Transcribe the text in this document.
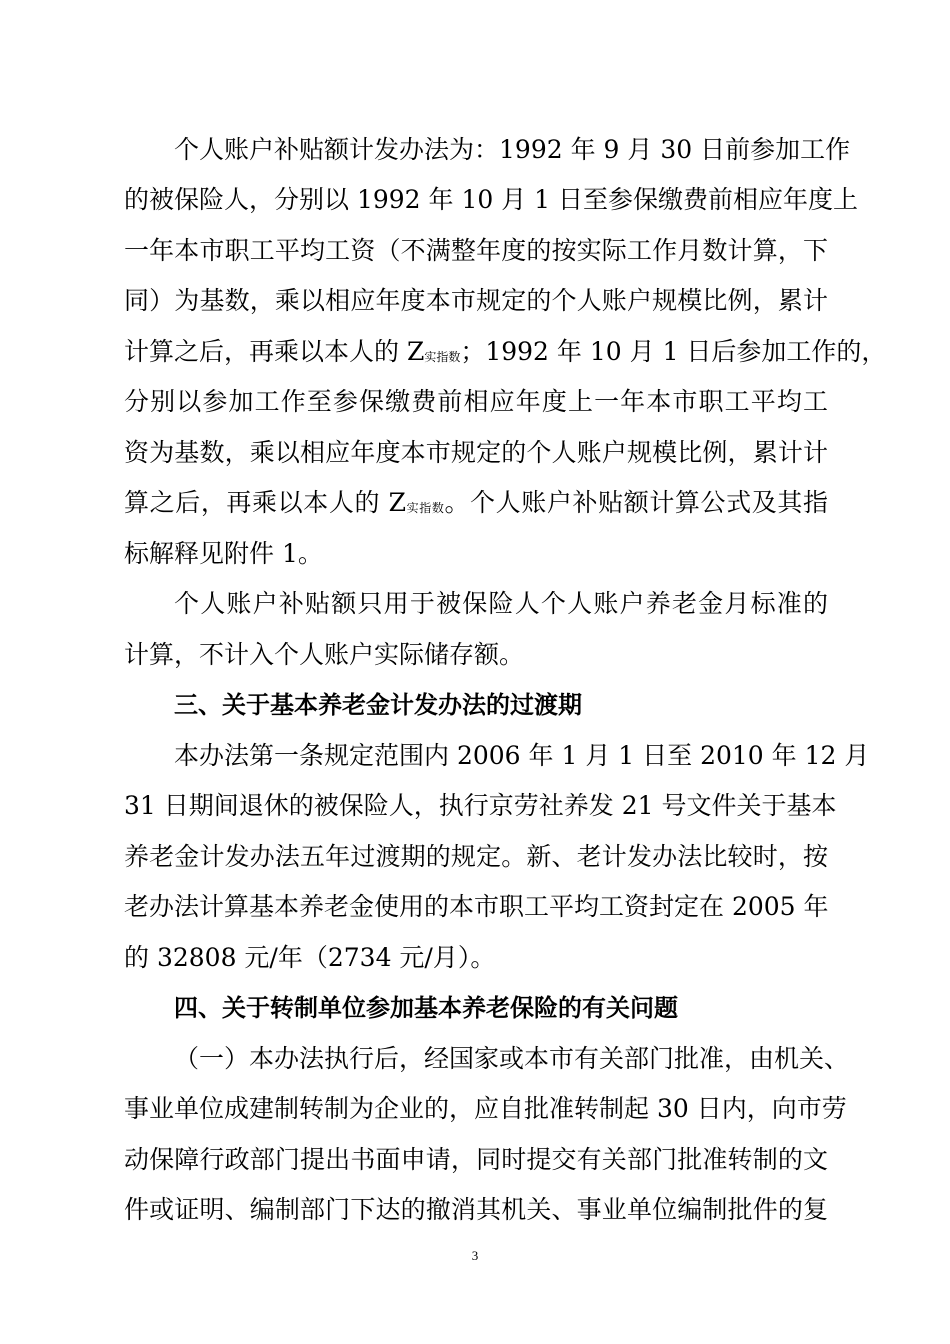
个人账户补贴额计发办法为：1992 年 9 月 30 日前参加工作
的被保险人，分别以 1992 年 10 月 1 日至参保缴费前相应年度上
一年本市职工平均工资（不满整年度的按实际工作月数计算，下
同）为基数，乘以相应年度本市规定的个人账户规模比例，累计
计算之后，再乘以本人的 Z实指数；1992 年 10 月 1 日后参加工作的，
分别以参加工作至参保缴费前相应年度上一年本市职工平均工
资为基数，乘以相应年度本市规定的个人账户规模比例，累计计
算之后，再乘以本人的 Z实指数。个人账户补贴额计算公式及其指
标解释见附件 1。
个人账户补贴额只用于被保险人个人账户养老金月标准的
计算，不计入个人账户实际储存额。
三、关于基本养老金计发办法的过渡期
本办法第一条规定范围内 2006 年 1 月 1 日至 2010 年 12 月
31 日期间退休的被保险人，执行京劳社养发 21 号文件关于基本
养老金计发办法五年过渡期的规定。新、老计发办法比较时，按
老办法计算基本养老金使用的本市职工平均工资封定在 2005 年
的 32808 元/年（2734 元/月）。
四、关于转制单位参加基本养老保险的有关问题
（一）本办法执行后，经国家或本市有关部门批准，由机关、
事业单位成建制转制为企业的，应自批准转制起 30 日内，向市劳
动保障行政部门提出书面申请，同时提交有关部门批准转制的文
件或证明、编制部门下达的撤消其机关、事业单位编制批件的复
3
